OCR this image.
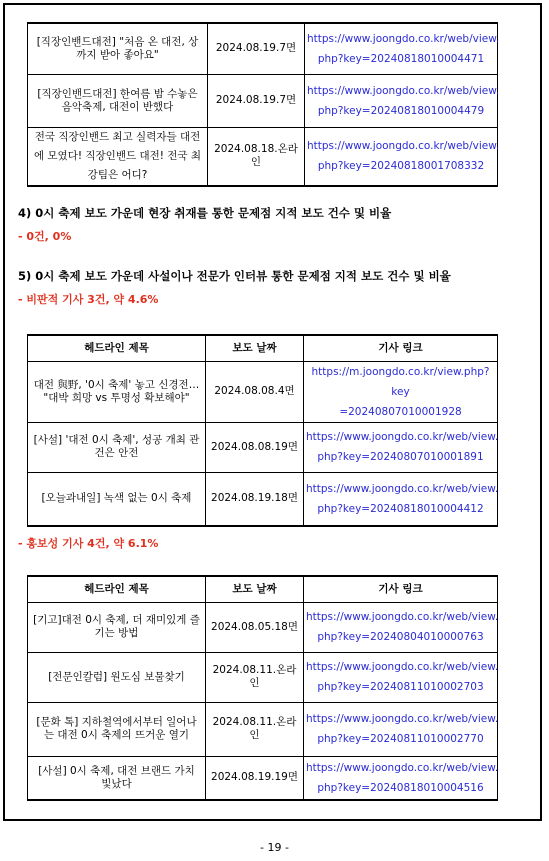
[직장인밴드대전] "처음 온 대전, 상까지 받아 좋아요"	2024.08.19.7면	https://www.joongdo.co.kr/web/view.
php?key=20240818010004471

[직장인밴드대전] 한여름 밤 수놓은 음악축제, 대전이 반했다	2024.08.19.7면	https://www.joongdo.co.kr/web/view.
php?key=20240818010004479

전국 직장인밴드 최고 실력자들 대전에 모였다! 직장인밴드 대전! 전국 최강팀은 어디?	2024.08.18.온라인	https://www.joongdo.co.kr/web/view.
php?key=20240818001708332
4) 0시 축제 보도 가운데 현장 취재를 통한 문제점 지적 보도 건수 및 비율
- 0건, 0%
5) 0시 축제 보도 가운데 사설이나 전문가 인터뷰 통한 문제점 지적 보도 건수 및 비율
- 비판적 기사 3건, 약 4.6%
헤드라인 제목	보도 날짜	기사 링크
대전 與野, '0시 축제' 놓고 신경전… "대박 희망 vs 투명성 확보해야"	2024.08.08.4면	https://m.joongdo.co.kr/view.php?key
=20240807010001928

[사설] '대전 0시 축제', 성공 개최 관건은 안전	2024.08.08.19면	https://www.joongdo.co.kr/web/view.
php?key=20240807010001891

[오늘과내일] 녹색 없는 0시 축제	2024.08.19.18면	https://www.joongdo.co.kr/web/view.
php?key=20240818010004412
- 홍보성 기사 4건, 약 6.1%
헤드라인 제목	보도 날짜	기사 링크
[기고]대전 0시 축제, 더 재미있게 즐기는 방법	2024.08.05.18면	https://www.joongdo.co.kr/web/view.
php?key=20240804010000763

[전문인칼럼] 원도심 보물찾기	2024.08.11.온라인	https://www.joongdo.co.kr/web/view.
php?key=20240811010002703

[문화 톡] 지하철역에서부터 일어나는 대전 0시 축제의 뜨거운 열기	2024.08.11.온라인	https://www.joongdo.co.kr/web/view.
php?key=20240811010002770

[사설] 0시 축제, 대전 브랜드 가치 빛났다	2024.08.19.19면	https://www.joongdo.co.kr/web/view.
php?key=20240818010004516
- 19 -
